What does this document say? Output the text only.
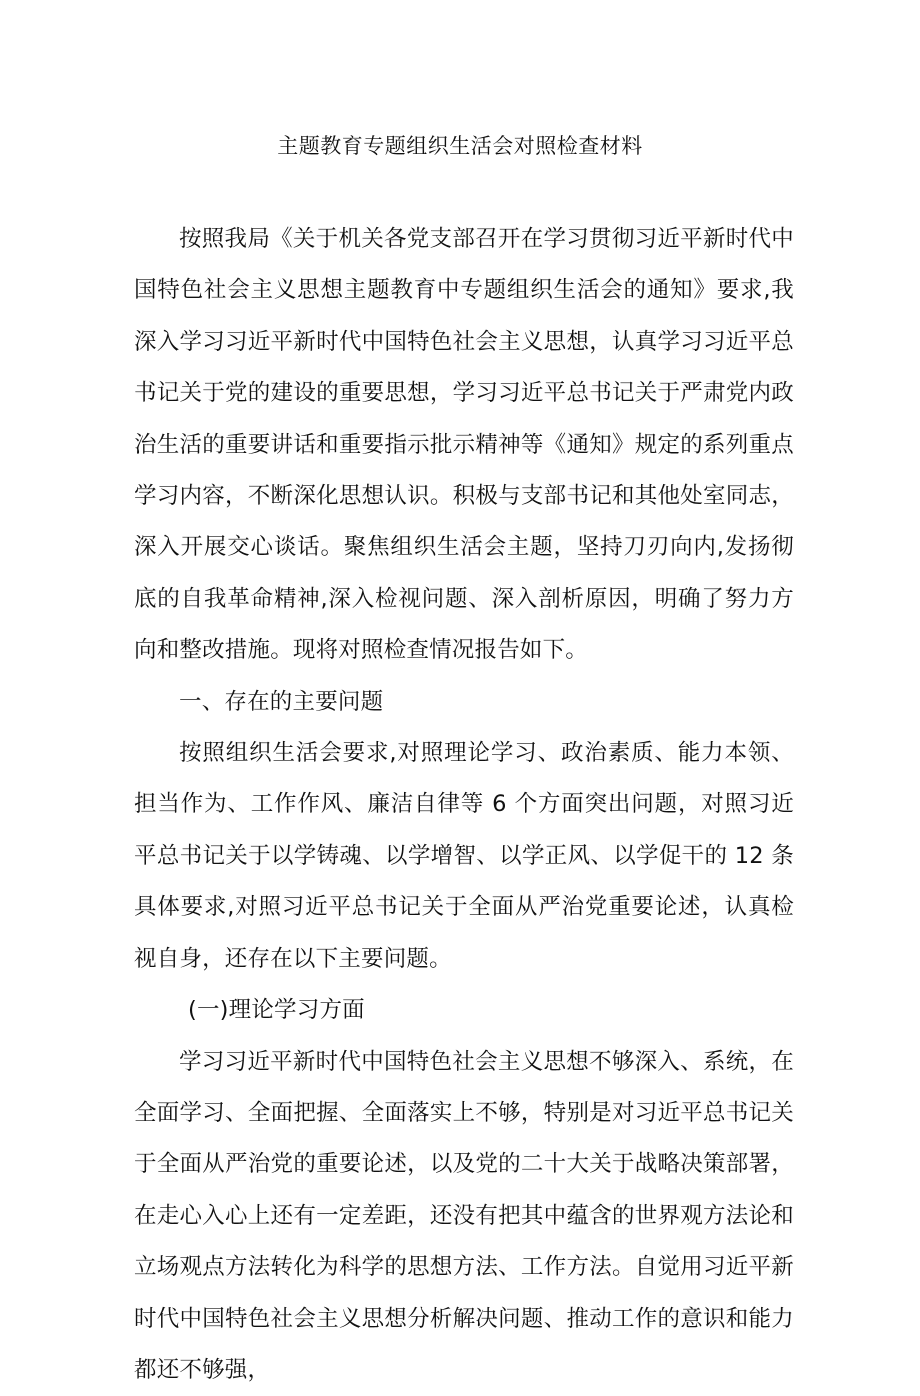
主题教育专题组织生活会对照检查材料

按照我局《关于机关各党支部召开在学习贯彻习近平新时代中国特色社会主义思想主题教育中专题组织生活会的通知》要求,我深入学习习近平新时代中国特色社会主义思想，认真学习习近平总书记关于党的建设的重要思想，学习习近平总书记关于严肃党内政治生活的重要讲话和重要指示批示精神等《通知》规定的系列重点学习内容，不断深化思想认识。积极与支部书记和其他处室同志，深入开展交心谈话。聚焦组织生活会主题，坚持刀刃向内,发扬彻底的自我革命精神,深入检视问题、深入剖析原因，明确了努力方向和整改措施。现将对照检查情况报告如下。

一、存在的主要问题

按照组织生活会要求,对照理论学习、政治素质、能力本领、担当作为、工作作风、廉洁自律等 6 个方面突出问题，对照习近平总书记关于以学铸魂、以学增智、以学正风、以学促干的 12 条具体要求,对照习近平总书记关于全面从严治党重要论述，认真检视自身，还存在以下主要问题。

(一)理论学习方面

学习习近平新时代中国特色社会主义思想不够深入、系统，在全面学习、全面把握、全面落实上不够，特别是对习近平总书记关于全面从严治党的重要论述，以及党的二十大关于战略决策部署，在走心入心上还有一定差距，还没有把其中蕴含的世界观方法论和立场观点方法转化为科学的思想方法、工作方法。自觉用习近平新时代中国特色社会主义思想分析解决问题、推动工作的意识和能力都还不够强，
